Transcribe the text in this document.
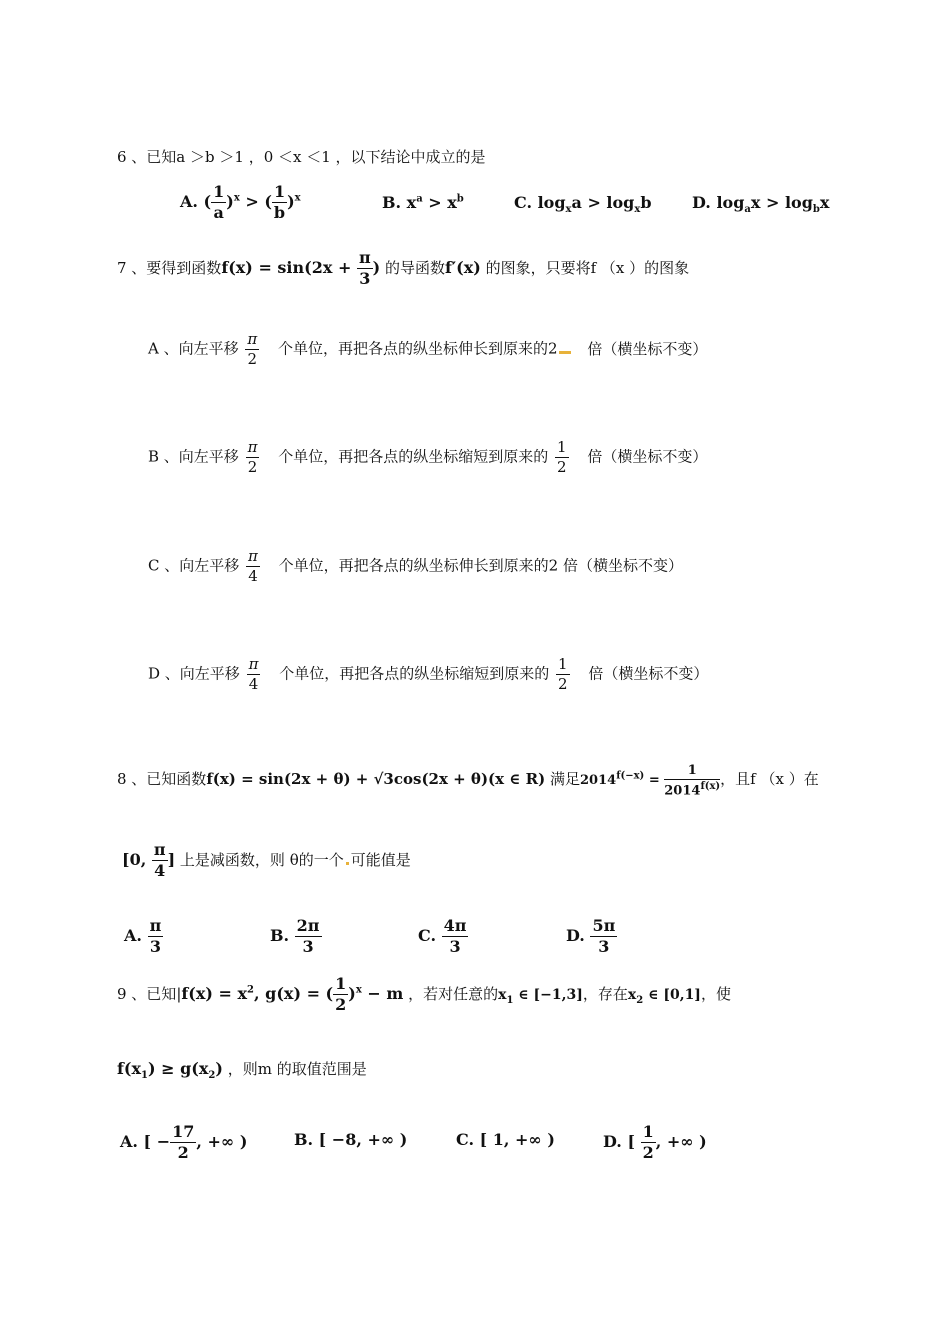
6 、已知a ＞b ＞1 ，0 ＜x ＜1 ，以下结论中成立的是
A. ( $\frac{1}{a} )^x$ > ( $\frac{1}{b} )^x$	B. $x^a > x^b$	C. $\log_xa > \log_xb$	D. $\log_ax > \log_bx$
7 、要得到函数$f(x) = \sin(2x + \frac{\pi}{3}$ ) 的导函数f′(x) 的图象，只要将f （x ）的图象
A 、向左平移 $\frac{\pi}{2}$ 个单位，再把各点的纵坐标伸长到原来的2 倍（横坐标不变）
B 、向左平移 $\frac{\pi}{2}$ 个单位，再把各点的纵坐标缩短到原来的 $\frac{1}{2}$ 倍（横坐标不变）
C 、向左平移 $\frac{\pi}{4}$ 个单位，再把各点的纵坐标伸长到原来的2 倍（横坐标不变）
D 、向左平移 $\frac{\pi}{4}$ 个单位，再把各点的纵坐标缩短到原来的 $\frac{1}{2}$ 倍（横坐标不变）
8 、已知函数f(x) = sin(2x + θ) + √3cos(2x + θ)(x ∈ R) 满足$2014^{f(-x)} = \frac{1}{2014^{f(x)}}$ ，且f （x ）在
[0, $\frac{\pi}{4}$ ] 上是减函数，则 θ的一个 可能值是
A. $\frac{\pi}{3}$	B. $\frac{2\pi}{3}$	C. $\frac{4\pi}{3}$	D. $\frac{5\pi}{3}$
9 、已知$|f(x) = x^2$, g(x) = ( $\frac{1}{2} )^x - m$ ，若对任意的$x_1$ ∈ [−1,3]，存在$x_2$ ∈ [0,1]，使
$f(x_1) \ge g(x_2)$ ，则m 的取值范围是
A. [ − $\frac{17}{2}$ , +∞ )	B. [ −8, +∞ )	C. [ 1, +∞ )	D. [ $\frac{1}{2}$ , +∞ )
